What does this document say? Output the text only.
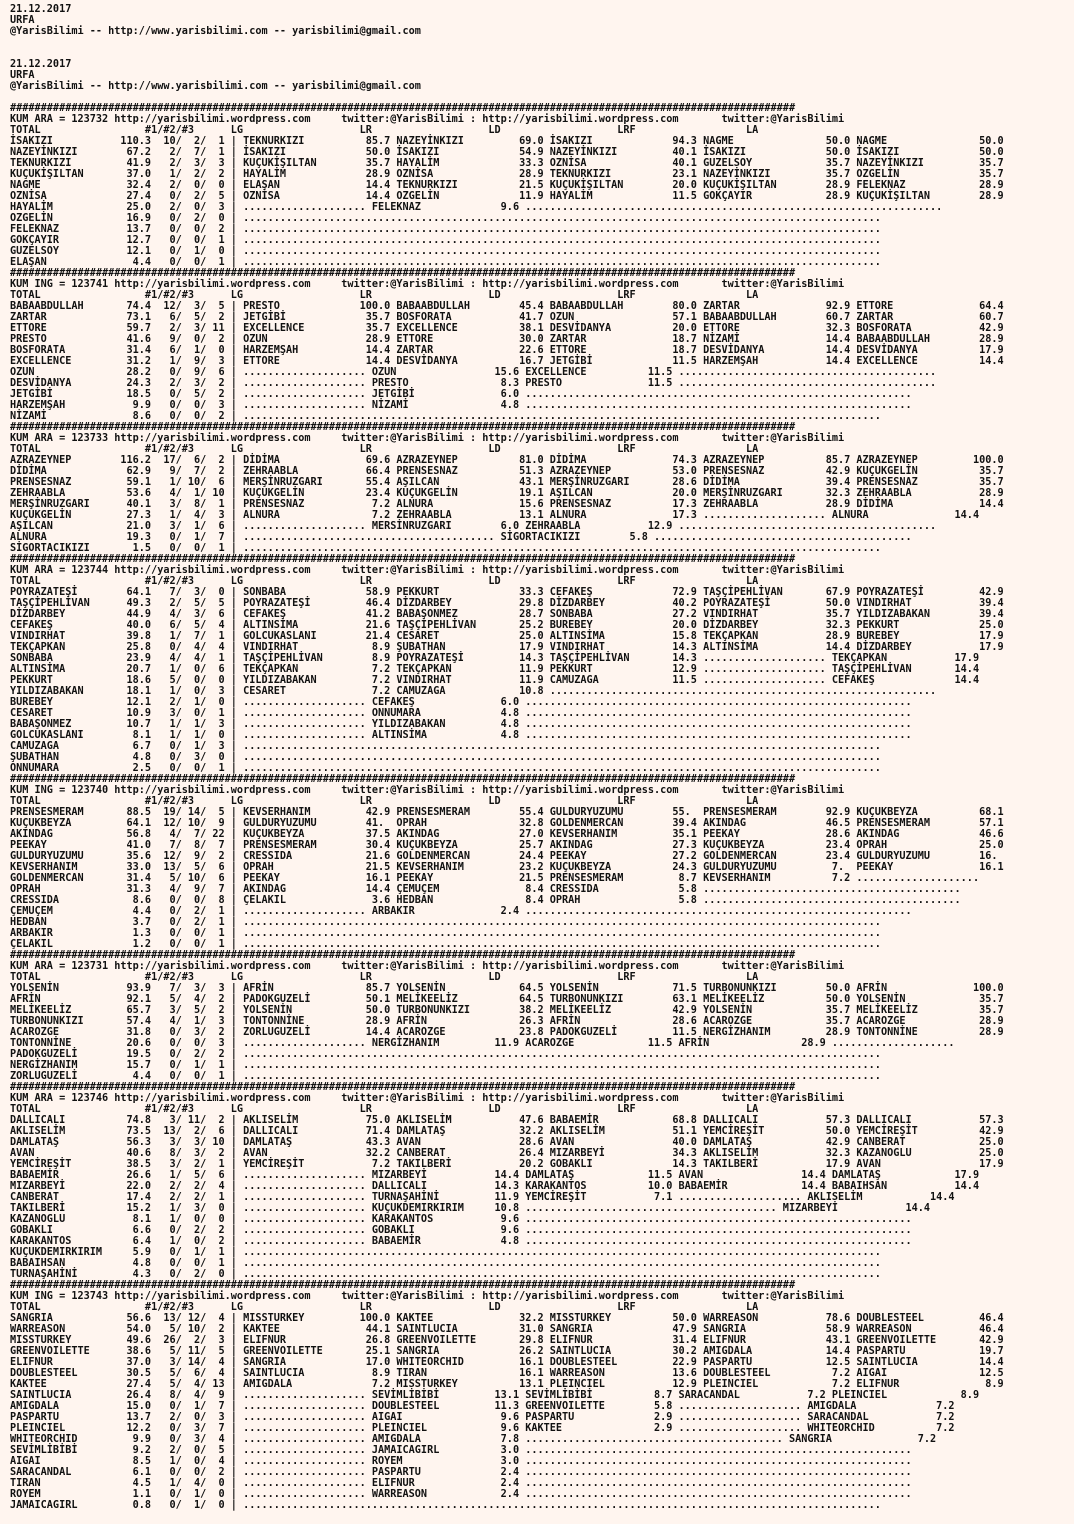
21.12.2017
URFA
@YarisBilimi -- http://www.yarisbilimi.com -- yarisbilimi@gmail.com
21.12.2017
URFA
@YarisBilimi -- http://www.yarisbilimi.com -- yarisbilimi@gmail.com
################################################################################################################################
KUM ARA = 123732 http://yarisbilimi.wordpress.com     twitter:@YarisBilimi : http://yarisbilimi.wordpress.com       twitter:@YarisBilimi
TOTAL                 #1/#2/#3      LG                   LR                   LD                   LRF                  LA
İSAKIZI           110.3  10/  2/  1 | TEKNURKIZI          85.7 NAZEYİNKIZI         69.0 İSAKIZI             94.3 NAGME               50.0 NAGME               50.0
NAZEYİNKIZI        67.2   2/  7/  1 | İSAKIZI             50.0 İSAKIZI             54.9 NAZEYİNKIZI         40.1 İSAKIZI             50.0 İSAKIZI             50.0
TEKNURKIZI         41.9   2/  3/  3 | KUÇUKİŞILTAN        35.7 HAYALİM             33.3 OZNİSA              40.1 GUZELSOY            35.7 NAZEYİNKIZI         35.7
KUÇUKİŞILTAN       37.0   1/  2/  2 | HAYALİM             28.9 OZNİSA              28.9 TEKNURKIZI          23.1 NAZEYİNKIZI         35.7 OZGELİN             35.7
NAGME              32.4   2/  0/  0 | ELAŞAN              14.4 TEKNURKIZI          21.5 KUÇUKİŞILTAN        20.0 KUÇUKİŞILTAN        28.9 FELEKNAZ            28.9
OZNİSA             27.4   0/  2/  5 | OZNİSA              14.4 OZGELİN             11.9 HAYALİM             11.5 GOKÇAYIR            28.9 KUÇUKİŞILTAN        28.9
HAYALİM            25.0   2/  0/  3 | .................... FELEKNAZ             9.6 ....................................................................
OZGELİN            16.9   0/  2/  0 | ........................................................................................................
FELEKNAZ           13.7   0/  0/  2 | ........................................................................................................
GOKÇAYIR           12.7   0/  0/  1 | ........................................................................................................
GUZELSOY           12.1   0/  1/  0 | ........................................................................................................
ELAŞAN              4.4   0/  0/  1 | ........................................................................................................
################################################################################################################################
KUM ING = 123741 http://yarisbilimi.wordpress.com     twitter:@YarisBilimi : http://yarisbilimi.wordpress.com       twitter:@YarisBilimi
TOTAL                 #1/#2/#3      LG                   LR                   LD                   LRF                  LA
BABAABDULLAH       74.4  12/  3/  5 | PRESTO             100.0 BABAABDULLAH        45.4 BABAABDULLAH        80.0 ZARTAR              92.9 ETTORE              64.4
ZARTAR             73.1   6/  5/  2 | JETGİBİ             35.7 BOSFORATA           41.7 OZUN                57.1 BABAABDULLAH        60.7 ZARTAR              60.7
ETTORE             59.7   2/  3/ 11 | EXCELLENCE          35.7 EXCELLENCE          38.1 DESVİDANYA          20.0 ETTORE              32.3 BOSFORATA           42.9
PRESTO             41.6   9/  0/  2 | OZUN                28.9 ETTORE              30.0 ZARTAR              18.7 NİZAMİ              14.4 BABAABDULLAH        28.9
BOSFORATA          31.4   6/  1/  0 | HARZEMŞAH           14.4 ZARTAR              22.6 ETTORE              18.7 DESVİDANYA          14.4 DESVİDANYA          17.9
EXCELLENCE         31.2   1/  9/  3 | ETTORE              14.4 DESVİDANYA          16.7 JETGİBİ             11.5 HARZEMŞAH           14.4 EXCELLENCE          14.4
OZUN               28.2   0/  9/  6 | .................... OZUN                15.6 EXCELLENCE          11.5 ..........................................
DESVİDANYA         24.3   2/  3/  2 | .................... PRESTO               8.3 PRESTO              11.5 ..........................................
JETGİBİ            18.5   0/  5/  2 | .................... JETGİBİ              6.0 ...............................................................
HARZEMŞAH           9.9   0/  0/  3 | .................... NİZAMİ               4.8 ...............................................................
NİZAMİ              8.6   0/  0/  2 | ........................................................................................................
################################################################################################################################
KUM ARA = 123733 http://yarisbilimi.wordpress.com     twitter:@YarisBilimi : http://yarisbilimi.wordpress.com       twitter:@YarisBilimi
TOTAL                 #1/#2/#3      LG                   LR                   LD                   LRF                  LA
AZRAZEYNEP        116.2  17/  6/  2 | DİDİMA              69.6 AZRAZEYNEP          81.0 DİDİMA              74.3 AZRAZEYNEP          85.7 AZRAZEYNEP         100.0
DİDİMA             62.9   9/  7/  2 | ZEHRAABLA           66.4 PRENSESNAZ          51.3 AZRAZEYNEP          53.0 PRENSESNAZ          42.9 KUÇUKGELİN          35.7
PRENSESNAZ         59.1   1/ 10/  6 | MERŞİNRUZGARI       55.4 AŞILCAN             43.1 MERŞİNRUZGARI       28.6 DİDİMA              39.4 PRENSESNAZ          35.7
ZEHRAABLA          53.6   4/  1/ 10 | KUÇUKGELİN          23.4 KUÇUKGELİN          19.1 AŞILCAN             20.0 MERŞİNRUZGARI       32.3 ZEHRAABLA           28.9
MERŞİNRUZGARI      40.1   3/  8/  1 | PRENSESNAZ           7.2 ALNURA              15.6 PRENSESNAZ          17.3 ZEHRAABLA           28.9 DİDİMA              14.4
KUÇUKGELİN         27.3   1/  4/  3 | ALNURA               7.2 ZEHRAABLA           13.1 ALNURA              17.3 .................... ALNURA              14.4
AŞILCAN            21.0   3/  1/  6 | .................... MERSİNRUZGARI        6.0 ZEHRAABLA           12.9 ..........................................
ALNURA             19.3   0/  1/  7 | ......................................... SİGORTACIKIZI        5.8 ..........................................
SİGORTACIKIZI       1.5   0/  0/  1 | ........................................................................................................
################################################################################################################################
KUM ARA = 123744 http://yarisbilimi.wordpress.com     twitter:@YarisBilimi : http://yarisbilimi.wordpress.com       twitter:@YarisBilimi
TOTAL                 #1/#2/#3      LG                   LR                   LD                   LRF                  LA
POYRAZATEŞİ        64.1   7/  3/  0 | SONBABA             58.9 PEKKURT             33.3 CEFAKEŞ             72.9 TAŞÇİPEHLİVAN       67.9 POYRAZATEŞİ         42.9
TAŞÇİPEHLİVAN      49.3   2/  5/  5 | POYRAZATEŞİ         46.4 DİZDARBEY           29.8 DİZDARBEY           40.2 POYRAZATEŞİ         50.0 VINDIRHAT           39.4
DİZDARBEY          44.9   4/  3/  6 | CEFAKEŞ             41.2 BABAŞONMEZ          28.7 SONBABA             27.2 VINDIRHAT           35.7 YILDIZABAKAN        39.4
CEFAKEŞ            40.0   6/  5/  4 | ALTINSİMA           21.6 TAŞÇİPEHLİVAN       25.2 BUREBEY             20.0 DİZDARBEY           32.3 PEKKURT             25.0
VINDIRHAT          39.8   1/  7/  1 | GOLCUKASLANI        21.4 CESARET             25.0 ALTINSİMA           15.8 TEKÇAPKAN           28.9 BUREBEY             17.9
TEKÇAPKAN          25.8   0/  4/  4 | VINDIRHAT            8.9 ŞUBATHAN            17.9 VINDIRHAT           14.3 ALTINSİMA           14.4 DİZDARBEY           17.9
SONBABA            23.9   4/  4/  1 | TAŞÇİPEHLİVAN        8.9 POYRAZATEŞİ         14.3 TAŞÇİPEHLİVAN       14.3 .................... TEKÇAPKAN           17.9
ALTINSİMA          20.7   1/  0/  6 | TEKÇAPKAN            7.2 TEKÇAPKAN           11.9 PEKKURT             12.9 .................... TAŞÇİPEHLİVAN       14.4
PEKKURT            18.6   5/  0/  0 | YILDIZABAKAN         7.2 VINDIRHAT           11.9 CAMUZAGA            11.5 .................... CEFAKEŞ             14.4
YILDIZABAKAN       18.1   1/  0/  3 | CESARET              7.2 CAMUZAGA            10.8 ...............................................................
BUREBEY            12.1   2/  1/  0 | .................... CEFAKEŞ              6.0 ...............................................................
CESARET            10.9   3/  0/  1 | .................... ONNUMARA             4.8 ...............................................................
BABAŞONMEZ         10.7   1/  1/  3 | .................... YILDIZABAKAN         4.8 ...............................................................
GOLCUKASLANI        8.1   1/  1/  0 | .................... ALTINSİMA            4.8 ...............................................................
CAMUZAGA            6.7   0/  1/  3 | ........................................................................................................
ŞUBATHAN            4.8   0/  3/  0 | ........................................................................................................
ONNUMARA            2.5   0/  0/  1 | ........................................................................................................
################################################################################################################################
KUM ING = 123740 http://yarisbilimi.wordpress.com     twitter:@YarisBilimi : http://yarisbilimi.wordpress.com       twitter:@YarisBilimi
TOTAL                 #1/#2/#3      LG                   LR                   LD                   LRF                  LA
PRENSESMERAM       88.5  19/ 14/  5 | KEVSERHANIM         42.9 PRENSESMERAM        55.4 GULDURYUZUMU        55.  PRENSESMERAM        92.9 KUÇUKBEYZA          68.1
KUÇUKBEYZA         64.1  12/ 10/  9 | GULDURYUZUMU        41.  OPRAH               32.8 GOLDENMERCAN        39.4 AKINDAG             46.5 PRENSESMERAM        57.1
AKINDAG            56.8   4/  7/ 22 | KUÇUKBEYZA          37.5 AKINDAG             27.0 KEVSERHANIM         35.1 PEEKAY              28.6 AKINDAG             46.6
PEEKAY             41.0   7/  8/  7 | PRENSESMERAM        30.4 KUÇUKBEYZA          25.7 AKINDAG             27.3 KUÇUKBEYZA          23.4 OPRAH               25.0
GULDURYUZUMU       35.6  12/  9/  2 | CRESSIDA            21.6 GOLDENMERCAN        24.4 PEEKAY              27.2 GOLDENMERCAN        23.4 GULDURYUZUMU        16.
KEVSERHANIM        33.0  13/  5/  6 | OPRAH               21.5 KEVSERHANIM         23.2 KUÇUKBEYZA          24.3 GULDURYUZUMU         7.  PEEKAY              16.1
GOLDENMERCAN       31.4   5/ 10/  6 | PEEKAY              16.1 PEEKAY              21.5 PRENSESMERAM         8.7 KEVSERHANIM          7.2 ....................
OPRAH              31.3   4/  9/  7 | AKINDAG             14.4 ÇEMUÇEM              8.4 CRESSIDA             5.8 ..........................................
CRESSIDA            8.6   0/  0/  8 | ÇELAKIL              3.6 HEDBAN               8.4 OPRAH                5.8 ..........................................
ÇEMUÇEM             4.4   0/  2/  1 | .................... ARBAKIR              2.4 ...............................................................
HEDBAN              3.7   0/  2/  1 | ........................................................................................................
ARBAKIR             1.3   0/  0/  1 | ........................................................................................................
ÇELAKIL             1.2   0/  0/  1 | ........................................................................................................
################################################################################################################################
KUM ARA = 123731 http://yarisbilimi.wordpress.com     twitter:@YarisBilimi : http://yarisbilimi.wordpress.com       twitter:@YarisBilimi
TOTAL                 #1/#2/#3      LG                   LR                   LD                   LRF                  LA
YOLSENİN           93.9   7/  3/  3 | AFRİN               85.7 YOLSENİN            64.5 YOLSENİN            71.5 TURBONUNKIZI        50.0 AFRİN              100.0
AFRİN              92.1   5/  4/  2 | PADOKGUZELİ         50.1 MELİKEELİZ          64.5 TURBONUNKIZI        63.1 MELİKEELİZ          50.0 YOLSENİN            35.7
MELİKEELİZ         65.7   3/  5/  2 | YOLSENİN            50.0 TURBONUNKIZI        38.2 MELİKEELİZ          42.9 YOLSENİN            35.7 MELİKEELİZ          35.7
TURBONUNKIZI       57.4   4/  1/  3 | TONTONNİNE          28.9 AFRİN               26.3 AFRİN               28.6 ACAROZGE            35.7 ACAROZGE            28.9
ACAROZGE           31.8   0/  3/  2 | ZORLUGUZELİ         14.4 ACAROZGE            23.8 PADOKGUZELİ         11.5 NERGİZHANIM         28.9 TONTONNİNE          28.9
TONTONNİNE         20.6   0/  0/  3 | .................... NERGİZHANIM         11.9 ACAROZGE            11.5 AFRİN               28.9 ....................
PADOKGUZELİ        19.5   0/  2/  2 | ........................................................................................................
NERGİZHANIM        15.7   0/  1/  1 | ........................................................................................................
ZORLUGUZELİ         4.4   0/  0/  1 | ........................................................................................................
################################################################################################################################
KUM ARA = 123746 http://yarisbilimi.wordpress.com     twitter:@YarisBilimi : http://yarisbilimi.wordpress.com       twitter:@YarisBilimi
TOTAL                 #1/#2/#3      LG                   LR                   LD                   LRF                  LA
DALLICALI          74.8   3/ 11/  2 | AKLISELİM           75.0 AKLISELİM           47.6 BABAEMİR            68.8 DALLICALI           57.3 DALLICALI           57.3
AKLISELİM          73.5  13/  2/  6 | DALLICALI           71.4 DAMLATAŞ            32.2 AKLISELİM           51.1 YEMCİREŞİT          50.0 YEMCİREŞİT          42.9
DAMLATAŞ           56.3   3/  3/ 10 | DAMLATAŞ            43.3 AVAN                28.6 AVAN                40.0 DAMLATAŞ            42.9 CANBERAT            25.0
AVAN               40.6   8/  3/  2 | AVAN                32.2 CANBERAT            26.4 MIZARBEYİ           34.3 AKLISELİM           32.3 KAZANOGLU           25.0
YEMCİREŞİT         38.5   3/  2/  1 | YEMCİREŞİT           7.2 TAKILBERİ           20.2 GOBAKLI             14.3 TAKILBERİ           17.9 AVAN                17.9
BABAEMİR           26.6   1/  5/  6 | .................... MIZARBEYİ           14.4 DAMLATAŞ            11.5 AVAN                14.4 DAMLATAŞ            17.9
MIZARBEYİ          22.0   2/  2/  4 | .................... DALLICALI           14.3 KARAKANTOS          10.0 BABAEMİR            14.4 BABAIHSAN           14.4
CANBERAT           17.4   2/  2/  1 | .................... TURNAŞAHİNİ         11.9 YEMCİREŞİT           7.1 .................... AKLISELİM           14.4
TAKILBERİ          15.2   1/  3/  0 | .................... KUÇUKDEMIRKIRIM     10.8 ......................................... MIZARBEYİ           14.4
KAZANOGLU           8.1   1/  0/  0 | .................... KARAKANTOS           9.6 ...............................................................
GOBAKLI             6.6   0/  2/  2 | .................... GOBAKLI              9.6 ...............................................................
KARAKANTOS          6.4   1/  0/  2 | .................... BABAEMİR             4.8 ...............................................................
KUÇUKDEMIRKIRIM     5.9   0/  1/  1 | ........................................................................................................
BABAIHSAN           4.8   0/  0/  1 | ........................................................................................................
TURNAŞAHİNİ         4.3   0/  2/  0 | ........................................................................................................
################################################################################################################################
KUM ING = 123743 http://yarisbilimi.wordpress.com     twitter:@YarisBilimi : http://yarisbilimi.wordpress.com       twitter:@YarisBilimi
TOTAL                 #1/#2/#3      LG                   LR                   LD                   LRF                  LA
SANGRIA            56.6  13/ 12/  4 | MISSTURKEY         100.0 KAKTEE              32.2 MISSTURKEY          50.0 WARREASON           78.6 DOUBLESTEEL         46.4
WARREASON          54.0   5/ 10/  2 | KAKTEE              44.1 SAINTLUCIA          31.0 SANGRIA             47.9 SANGRIA             58.9 WARREASON           46.4
MISSTURKEY         49.6  26/  2/  3 | ELIFNUR             26.8 GREENVOILETTE       29.8 ELIFNUR             31.4 ELIFNUR             43.1 GREENVOILETTE       42.9
GREENVOILETTE      38.6   5/ 11/  5 | GREENVOILETTE       25.1 SANGRIA             26.2 SAINTLUCIA          30.2 AMIGDALA            14.4 PASPARTU            19.7
ELIFNUR            37.0   3/ 14/  4 | SANGRIA             17.0 WHITEORCHID         16.1 DOUBLESTEEL         22.9 PASPARTU            12.5 SAINTLUCIA          14.4
DOUBLESTEEL        30.5   5/  6/  4 | SAINTLUCIA           8.9 TIRAN               16.1 WARREASON           13.6 DOUBLESTEEL          7.2 AIGAI               12.5
KAKTEE             27.4   5/  4/ 13 | AMIGDALA             7.2 MISSTURKEY          13.1 PLEINCIEL           12.9 PLEINCIEL            7.2 ELIFNUR              8.9
SAINTLUCIA         26.4   8/  4/  9 | .................... SEVİMLİBİBİ         13.1 SEVİMLİBİBİ          8.7 SARACANDAL           7.2 PLEINCIEL            8.9
AMIGDALA           15.0   0/  1/  7 | .................... DOUBLESTEEL         11.3 GREENVOILETTE        5.8 .................... AMIGDALA             7.2
PASPARTU           13.7   2/  0/  3 | .................... AIGAI                9.6 PASPARTU             2.9 .................... SARACANDAL           7.2
PLEINCIEL          12.2   0/  3/  7 | .................... PLEINCIEL            9.6 KAKTEE               2.9 .................... WHITEORCHID          7.2
WHITEORCHID         9.9   0/  3/  4 | .................... AMIGDALA             7.8 .......................................... SANGRIA              7.2
SEVİMLİBİBİ         9.2   2/  0/  5 | .................... JAMAICAGIRL          3.0 ...............................................................
AIGAI               8.5   1/  0/  4 | .................... ROYEM                3.0 ...............................................................
SARACANDAL          6.1   0/  0/  2 | .................... PASPARTU             2.4 ...............................................................
TIRAN               4.5   1/  4/  0 | .................... ELIFNUR              2.4 ...............................................................
ROYEM               1.1   0/  1/  0 | .................... WARREASON            2.4 ...............................................................
JAMAICAGIRL         0.8   0/  1/  0 | ........................................................................................................
